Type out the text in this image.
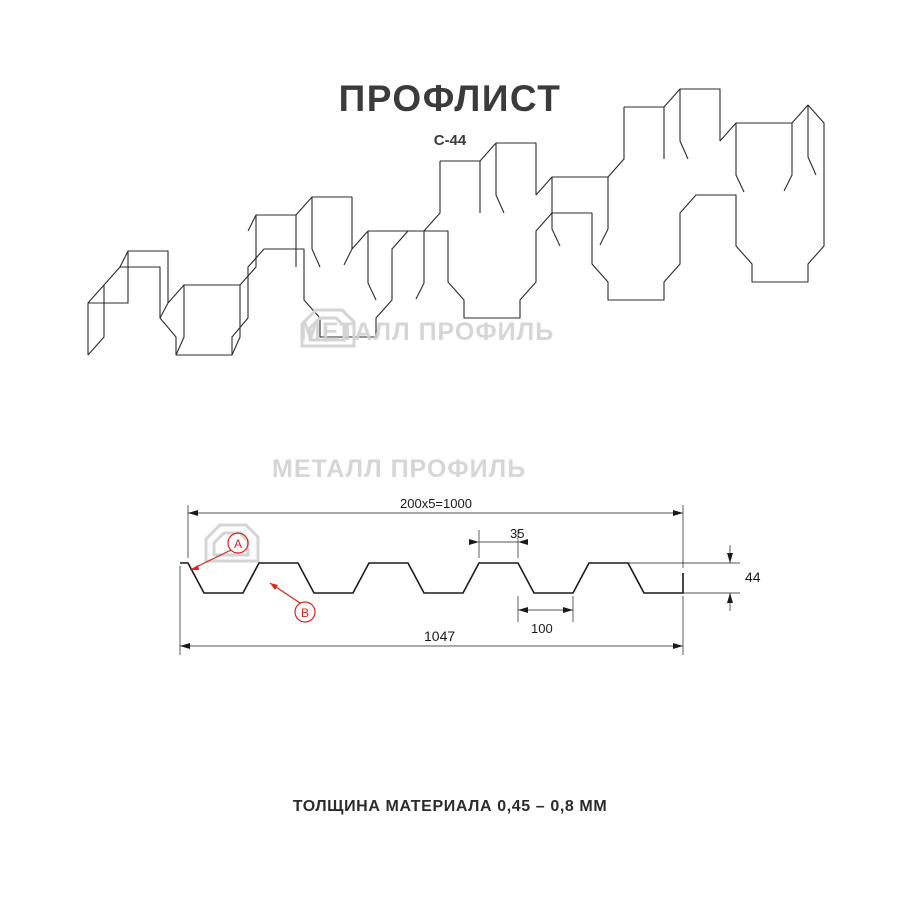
ПРОФЛИСТ
C-44
МЕТАЛЛ ПРОФИЛЬ
МЕТАЛЛ ПРОФИЛЬ
A
B
200x5=1000
35
100
1047
44
ТОЛЩИНА МАТЕРИАЛА 0,45 – 0,8 ММ
